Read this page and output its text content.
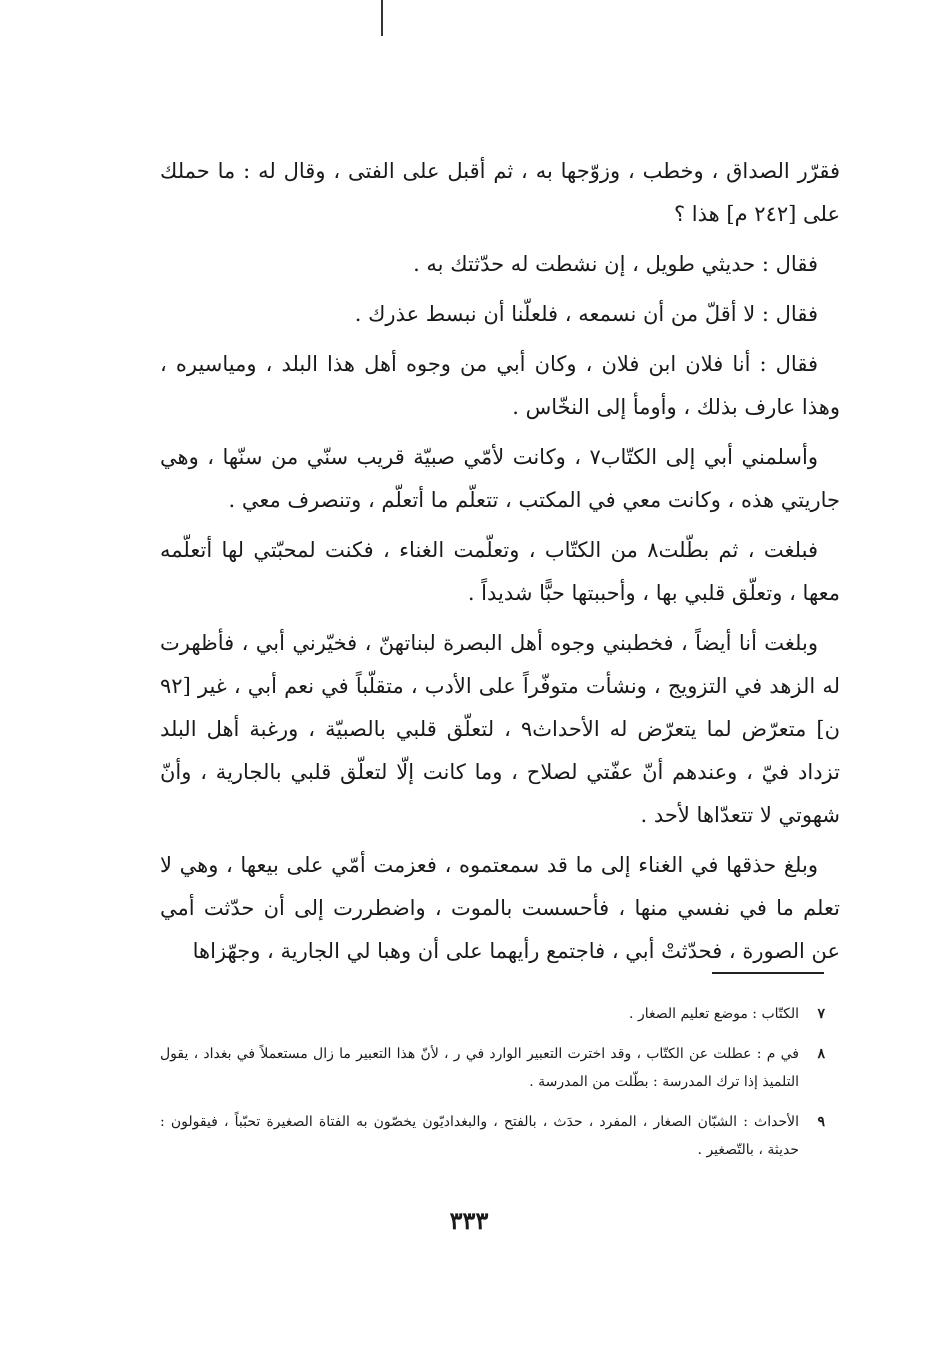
فقرّر الصداق ، وخطب ، وزوّجها به ، ثم أقبل على الفتى ، وقال له : ما حملك على [٢٤٢ م] هذا ؟

فقال : حديثي طويل ، إن نشطت له حدّثتك به .

فقال : لا أقلّ من أن نسمعه ، فلعلّنا أن نبسط عذرك .

فقال : أنا فلان ابن فلان ، وكان أبي من وجوه أهل هذا البلد ، ومياسيره ، وهذا عارف بذلك ، وأومأ إلى النخّاس .

وأسلمني أبي إلى الكتّاب٧ ، وكانت لأمّي صبيّة قريب سنّي من سنّها ، وهي جاريتي هذه ، وكانت معي في المكتب ، تتعلّم ما أتعلّم ، وتنصرف معي .

فبلغت ، ثم بطّلت٨ من الكتّاب ، وتعلّمت الغناء ، فكنت لمحبّتي لها أتعلّمه معها ، وتعلّق قلبي بها ، وأحببتها حبًّا شديداً .

وبلغت أنا أيضاً ، فخطبني وجوه أهل البصرة لبناتهنّ ، فخيّرني أبي ، فأظهرت له الزهد في التزويج ، ونشأت متوفّراً على الأدب ، متقلّباً في نعم أبي ، غير [٩٢ ن] متعرّض لما يتعرّض له الأحداث٩ ، لتعلّق قلبي بالصبيّة ، ورغبة أهل البلد تزداد فيّ ، وعندهم أنّ عفّتي لصلاح ، وما كانت إلّا لتعلّق قلبي بالجارية ، وأنّ شهوتي لا تتعدّاها لأحد .

وبلغ حذقها في الغناء إلى ما قد سمعتموه ، فعزمت أمّي على بيعها ، وهي لا تعلم ما في نفسي منها ، فأحسست بالموت ، واضطررت إلى أن حدّثت أمي عن الصورة ، فحدّثتْ أبي ، فاجتمع رأيهما على أن وهبا لي الجارية ، وجهّزاها

٧
الكتّاب : موضع تعليم الصغار .
٨
في م : عطلت عن الكتّاب ، وقد اخترت التعبير الوارد في ر ، لأنّ هذا التعبير ما زال مستعملاً في بغداد ، يقول التلميذ إذا ترك المدرسة : بطّلت من المدرسة .
٩
الأحداث : الشبّان الصغار ، المفرد ، حدَث ، بالفتح ، والبغداديّون يخصّون به الفتاة الصغيرة تحبّباً ، فيقولون : حديثة ، بالتّصغير .
٣٣٣
